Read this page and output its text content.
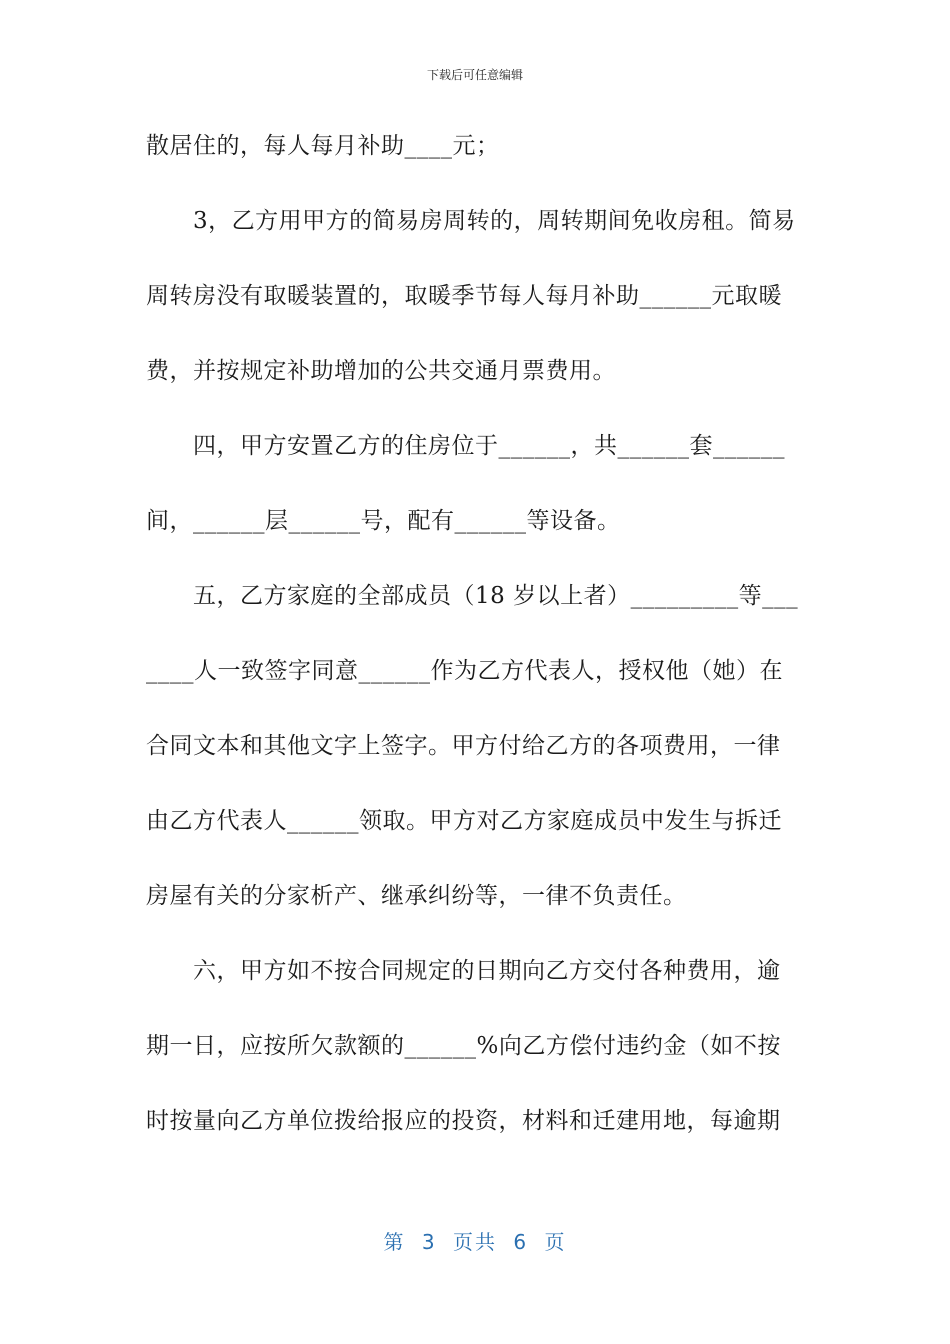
下载后可任意编辑
散居住的，每人每月补助____元；
　　3，乙方用甲方的简易房周转的，周转期间免收房租。简易
周转房没有取暖装置的，取暖季节每人每月补助______元取暖
费，并按规定补助增加的公共交通月票费用。
　　四，甲方安置乙方的住房位于______，共______套______
间，______层______号，配有______等设备。
　　五，乙方家庭的全部成员（18 岁以上者）_________等___
____人一致签字同意______作为乙方代表人，授权他（她）在
合同文本和其他文字上签字。甲方付给乙方的各项费用，一律
由乙方代表人______领取。甲方对乙方家庭成员中发生与拆迁
房屋有关的分家析产、继承纠纷等，一律不负责任。
　　六，甲方如不按合同规定的日期向乙方交付各种费用，逾
期一日，应按所欠款额的______%向乙方偿付违约金（如不按
时按量向乙方单位拨给报应的投资，材料和迁建用地，每逾期
第 3 页共 6 页
